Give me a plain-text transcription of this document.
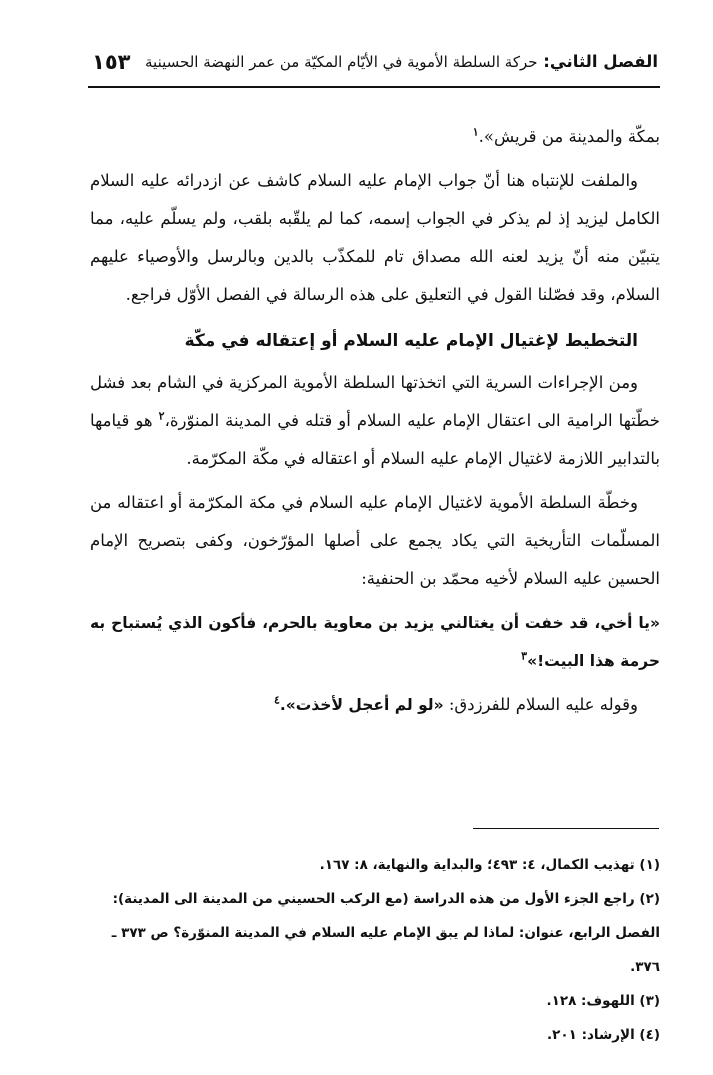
الفصل الثاني: حركة السلطة الأموية في الأيّام المكيّة من عمر النهضة الحسينية
١٥٣

بمكّة والمدينة من قريش».$^١$

والملفت للإنتباه هنا أنّ جواب الإمام عليه السلام كاشف عن ازدرائه عليه السلام الكامل ليزيد إذ لم يذكر في الجواب إسمه، كما لم يلقّبه بلقب، ولم يسلّم عليه، مما يتبيّن منه أنّ يزيد لعنه الله مصداق تام للمكذّب بالدين وبالرسل والأوصياء عليهم السلام، وقد فصّلنا القول في التعليق على هذه الرسالة في الفصل الأوّل فراجع.

التخطيط لإغتيال الإمام عليه السلام أو إعتقاله في مكّة

ومن الإجراءات السرية التي اتخذتها السلطة الأموية المركزية في الشام بعد فشل خطّتها الرامية الى اعتقال الإمام عليه السلام أو قتله في المدينة المنوّرة،$^٢$ هو قيامها بالتدابير اللازمة لاغتيال الإمام عليه السلام أو اعتقاله في مكّة المكرّمة.

وخطّة السلطة الأموية لاغتيال الإمام عليه السلام في مكة المكرّمة أو اعتقاله من المسلّمات التأريخية التي يكاد يجمع على أصلها المؤرّخون، وكفى بتصريح الإمام الحسين عليه السلام لأخيه محمّد بن الحنفية:

«يا أخي، قد خفت أن يغتالني يزيد بن معاوية بالحرم، فأكون الذي يُستباح به حرمة هذا البيت!»$^٣$

وقوله عليه السلام للفرزدق: «لو لم أعجل لأخذت».$^٤$

(١) تهذيب الكمال، ٤: ٤٩٣؛ والبداية والنهاية، ٨: ١٦٧.

(٢) راجع الجزء الأول من هذه الدراسة (مع الركب الحسيني من المدينة الى المدينة): الفصل الرابع، عنوان: لماذا لم يبق الإمام عليه السلام في المدينة المنوّرة؟ ص ٣٧٣ ـ ٣٧٦.

(٣) اللهوف: ١٢٨.

(٤) الإرشاد: ٢٠١.
